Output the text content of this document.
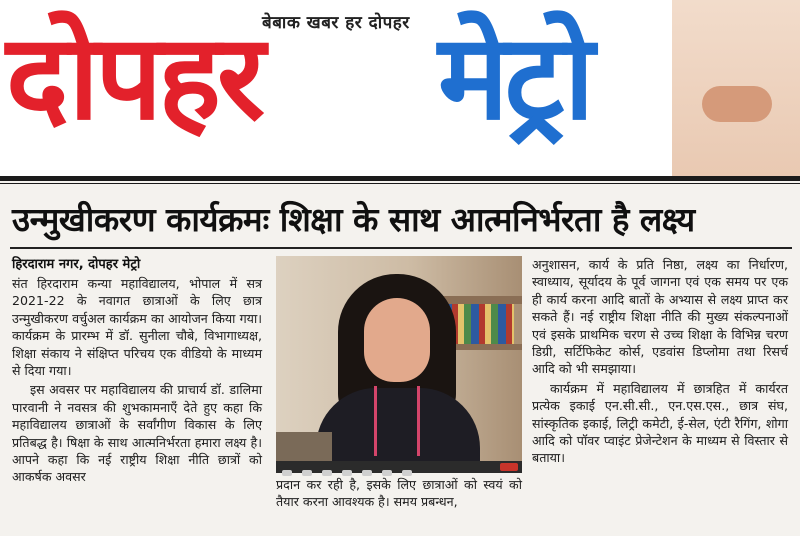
बेबाक खबर हर दोपहर
दोपहर मेट्रो
उन्मुखीकरण कार्यक्रमः शिक्षा के साथ आत्मनिर्भरता है लक्ष्य
हिरदाराम नगर, दोपहर मेट्रो

संत हिरदाराम कन्या महाविद्यालय, भोपाल में सत्र 2021-22 के नवागत छात्राओं के लिए छात्र उन्मुखीकरण वर्चुअल कार्यक्रम का आयोजन किया गया। कार्यक्रम के प्रारम्भ में डॉ. सुनीला चौबे, विभागाध्यक्ष, शिक्षा संकाय ने संक्षिप्त परिचय एक वीडियो के माध्यम से दिया गया।

इस अवसर पर महाविद्यालय की प्राचार्य डॉ. डालिमा पारवानी ने नवसत्र की शुभकामनाएँ देते हुए कहा कि महाविद्यालय छात्राओं के सर्वांगीण विकास के लिए प्रतिबद्ध है। षिक्षा के साथ आत्मनिर्भरता हमारा लक्ष्य है। आपने कहा कि नई राष्ट्रीय शिक्षा नीति छात्रों को आकर्षक अवसर

प्रदान कर रही है, इसके लिए छात्राओं को स्वयं को तैयार करना आवश्यक है। समय प्रबन्धन,

अनुशासन, कार्य के प्रति निष्ठा, लक्ष्य का निर्धारण, स्वाध्याय, सूर्यादय के पूर्व जागना एवं एक समय पर एक ही कार्य करना आदि बातों के अभ्यास से लक्ष्य प्राप्त कर सकते हैं। नई राष्ट्रीय शिक्षा नीति की मुख्य संकल्पनाओं एवं इसके प्राथमिक चरण से उच्च शिक्षा के विभिन्न चरण डिग्री, सर्टिफिकेट कोर्स, एडवांस डिप्लोमा तथा रिसर्च आदि को भी समझाया।

कार्यक्रम में महाविद्यालय में छात्रहित में कार्यरत प्रत्येक इकाई एन.सी.सी., एन.एस.एस., छात्र संघ, सांस्कृतिक इकाई, लिट्री कमेटी, ई-सेल, एंटी रैगिंग, शोगा आदि को पॉवर प्वाइंट प्रेजेन्टेशन के माध्यम से विस्तार से बताया।
